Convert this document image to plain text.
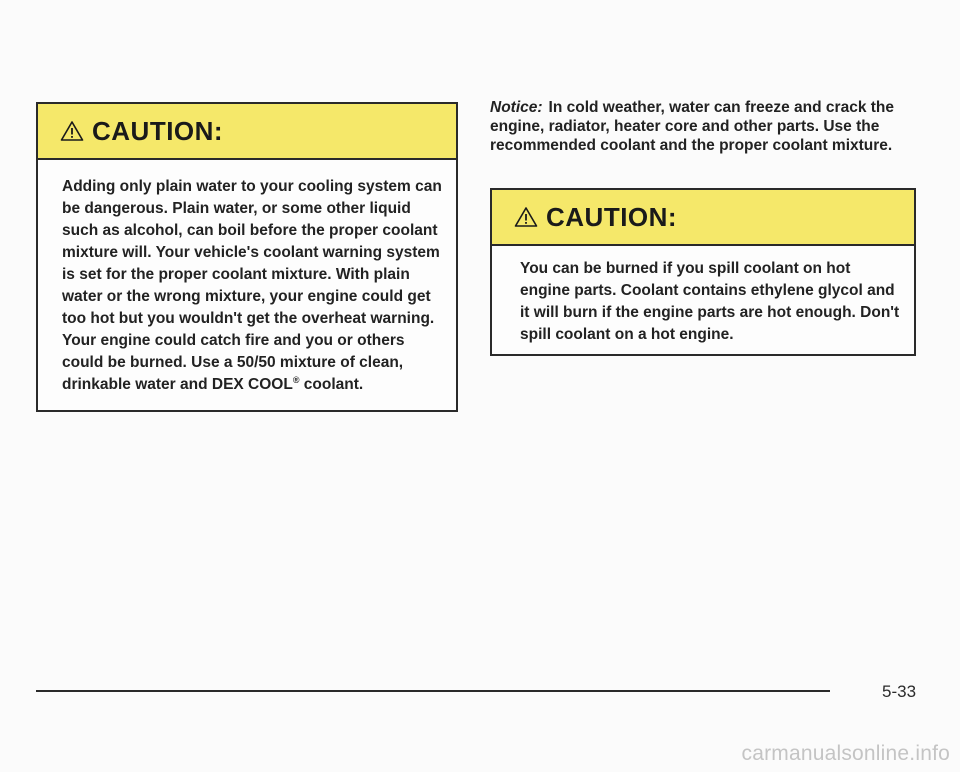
CAUTION:

Adding only plain water to your cooling system can be dangerous. Plain water, or some other liquid such as alcohol, can boil before the proper coolant mixture will. Your vehicle's coolant warning system is set for the proper coolant mixture. With plain water or the wrong mixture, your engine could get too hot but you wouldn't get the overheat warning. Your engine could catch fire and you or others could be burned. Use a 50/50 mixture of clean, drinkable water and DEX COOL® coolant.

Notice: In cold weather, water can freeze and crack the engine, radiator, heater core and other parts. Use the recommended coolant and the proper coolant mixture.

CAUTION:

You can be burned if you spill coolant on hot engine parts. Coolant contains ethylene glycol and it will burn if the engine parts are hot enough. Don't spill coolant on a hot engine.

5-33
carmanualsonline.info
